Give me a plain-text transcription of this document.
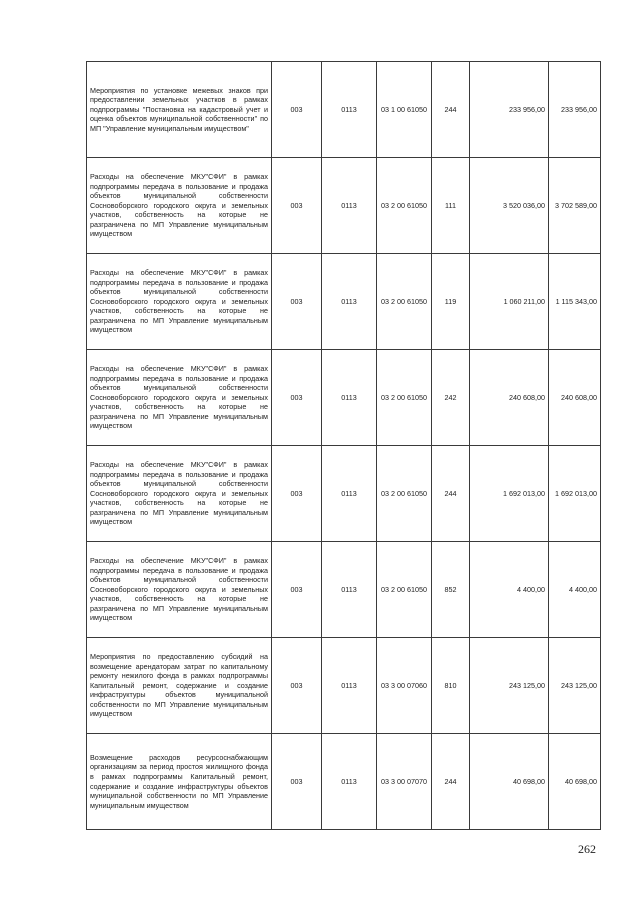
Мероприятия по установке межевых знаков при предоставлении земельных участков в рамках подпрограммы "Постановка на кадастровый учет и оценка объектов муниципальной собственности" по МП "Управление муниципальным имуществом"	003	0113	03 1 00 61050	244	233 956,00	233 956,00
Расходы на обеспечение МКУ"СФИ" в рамках подпрограммы передача в пользование и продажа объектов муниципальной собственности Сосновоборского городского округа и земельных участков, собственность на которые не разграничена по МП Управление муниципальным имуществом	003	0113	03 2 00 61050	111	3 520 036,00	3 702 589,00
Расходы на обеспечение МКУ"СФИ" в рамках подпрограммы передача в пользование и продажа объектов муниципальной собственности Сосновоборского городского округа и земельных участков, собственность на которые не разграничена по МП Управление муниципальным имуществом	003	0113	03 2 00 61050	119	1 060 211,00	1 115 343,00
Расходы на обеспечение МКУ"СФИ" в рамках подпрограммы передача в пользование и продажа объектов муниципальной собственности Сосновоборского городского округа и земельных участков, собственность на которые не разграничена по МП Управление муниципальным имуществом	003	0113	03 2 00 61050	242	240 608,00	240 608,00
Расходы на обеспечение МКУ"СФИ" в рамках подпрограммы передача в пользование и продажа объектов муниципальной собственности Сосновоборского городского округа и земельных участков, собственность на которые не разграничена по МП Управление муниципальным имуществом	003	0113	03 2 00 61050	244	1 692 013,00	1 692 013,00
Расходы на обеспечение МКУ"СФИ" в рамках подпрограммы передача в пользование и продажа объектов муниципальной собственности Сосновоборского городского округа и земельных участков, собственность на которые не разграничена по МП Управление муниципальным имуществом	003	0113	03 2 00 61050	852	4 400,00	4 400,00
Мероприятия по предоставлению субсидий на возмещение арендаторам затрат по капитальному ремонту нежилого фонда в рамках подпрограммы Капитальный ремонт, содержание и создание инфраструктуры объектов муниципальной собственности по МП Управление муниципальным имуществом	003	0113	03 3 00 07060	810	243 125,00	243 125,00
Возмещение расходов ресурсоснабжающим организациям за период простоя жилищного фонда в рамках подпрограммы Капитальный ремонт, содержание и создание инфраструктуры объектов муниципальной собственности по МП Управление муниципальным имуществом	003	0113	03 3 00 07070	244	40 698,00	40 698,00
262
